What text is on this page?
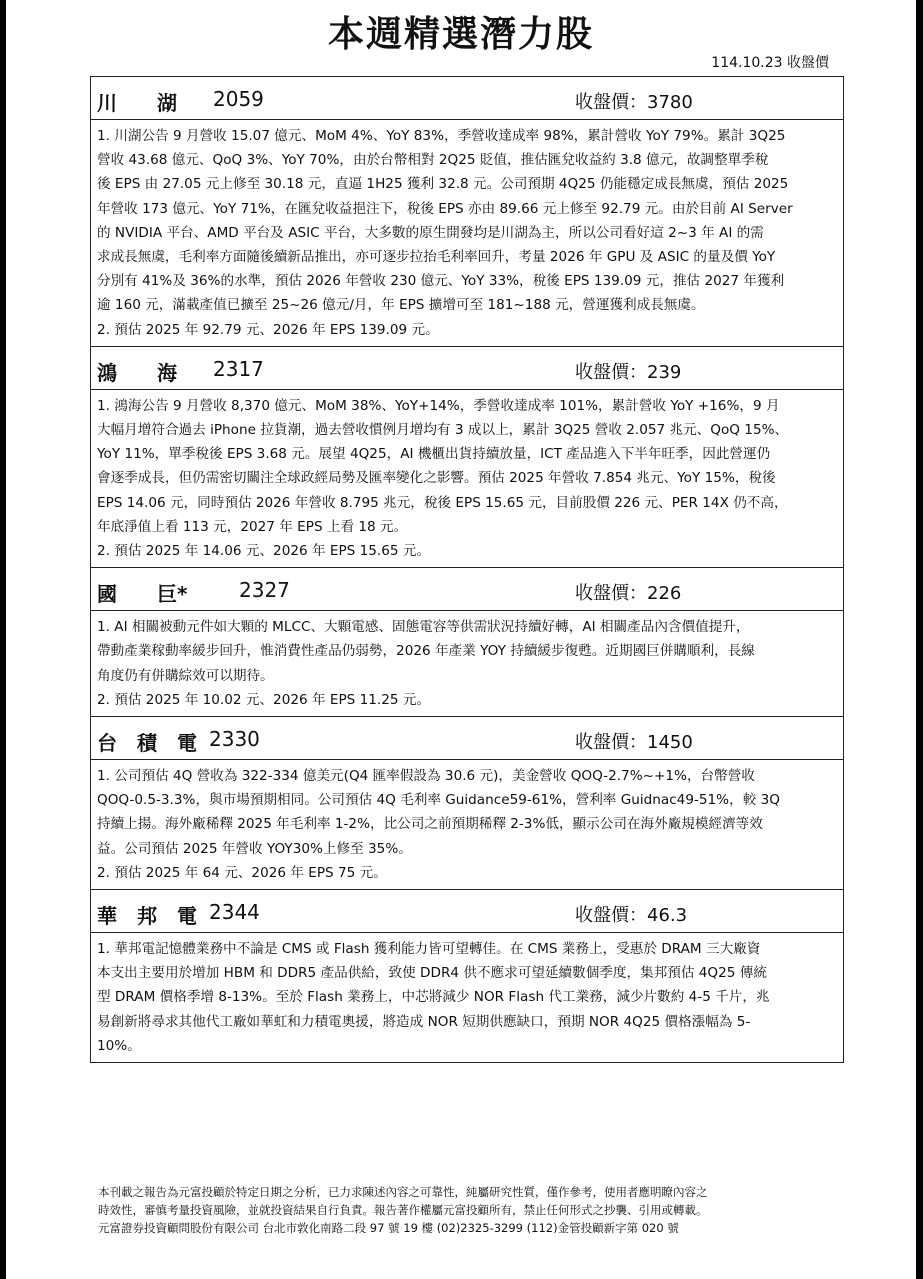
本週精選潛力股
114.10.23 收盤價
川　　湖 2059	收盤價：3780
1. 川湖公告 9 月營收 15.07 億元、MoM 4%、YoY 83%，季營收達成率 98%，累計營收 YoY 79%。累計 3Q25
營收 43.68 億元、QoQ 3%、YoY 70%，由於台幣相對 2Q25 貶值，推估匯兌收益約 3.8 億元，故調整單季稅
後 EPS 由 27.05 元上修至 30.18 元，直逼 1H25 獲利 32.8 元。公司預期 4Q25 仍能穩定成長無虞，預估 2025
年營收 173 億元、YoY 71%，在匯兌收益挹注下，稅後 EPS 亦由 89.66 元上修至 92.79 元。由於目前 AI Server
的 NVIDIA 平台、AMD 平台及 ASIC 平台，大多數的原生開發均是川湖為主，所以公司看好這 2~3 年 AI 的需
求成長無虞，毛利率方面隨後續新品推出，亦可逐步拉抬毛利率回升，考量 2026 年 GPU 及 ASIC 的量及價 YoY
分別有 41%及 36%的水準，預估 2026 年營收 230 億元、YoY 33%，稅後 EPS 139.09 元，推估 2027 年獲利
逾 160 元，滿載產值已擴至 25~26 億元/月，年 EPS 擴增可至 181~188 元，營運獲利成長無虞。
2. 預估 2025 年 92.79 元、2026 年 EPS 139.09 元。
鴻　　海 2317	收盤價：239
1. 鴻海公告 9 月營收 8,370 億元、MoM 38%、YoY+14%，季營收達成率 101%，累計營收 YoY +16%，9 月
大幅月增符合過去 iPhone 拉貨潮，過去營收慣例月增均有 3 成以上，累計 3Q25 營收 2.057 兆元、QoQ 15%、
YoY 11%，單季稅後 EPS 3.68 元。展望 4Q25，AI 機櫃出貨持續放量，ICT 產品進入下半年旺季，因此營運仍
會逐季成長，但仍需密切關注全球政經局勢及匯率變化之影響。預估 2025 年營收 7.854 兆元、YoY 15%，稅後
EPS 14.06 元，同時預估 2026 年營收 8.795 兆元，稅後 EPS 15.65 元，目前股價 226 元、PER 14X 仍不高，
年底淨值上看 113 元，2027 年 EPS 上看 18 元。
2. 預估 2025 年 14.06 元、2026 年 EPS 15.65 元。
國　　巨*	2327	收盤價：226
1. AI 相關被動元件如大顆的 MLCC、大顆電感、固態電容等供需狀況持續好轉，AI 相關產品內含價值提升，
帶動產業稼動率緩步回升，惟消費性產品仍弱勢，2026 年產業 YOY 持續緩步復甦。近期國巨併購順利，長線
角度仍有併購綜效可以期待。
2. 預估 2025 年 10.02 元、2026 年 EPS 11.25 元。
台　積　電 2330	收盤價：1450
1. 公司預估 4Q 營收為 322-334 億美元(Q4 匯率假設為 30.6 元)，美金營收 QOQ-2.7%~+1%，台幣營收
QOQ-0.5-3.3%，與市場預期相同。公司預估 4Q 毛利率 Guidance59-61%，營利率 Guidnac49-51%，較 3Q
持續上揚。海外廠稀釋 2025 年毛利率 1-2%，比公司之前預期稀釋 2-3%低，顯示公司在海外廠規模經濟等效
益。公司預估 2025 年營收 YOY30%上修至 35%。
2. 預估 2025 年 64 元、2026 年 EPS 75 元。
華　邦　電 2344	收盤價：46.3
1. 華邦電記憶體業務中不論是 CMS 或 Flash 獲利能力皆可望轉佳。在 CMS 業務上，受惠於 DRAM 三大廠資
本支出主要用於增加 HBM 和 DDR5 產品供給，致使 DDR4 供不應求可望延續數個季度，集邦預估 4Q25 傳統
型 DRAM 價格季增 8-13%。至於 Flash 業務上，中芯將減少 NOR Flash 代工業務，減少片數約 4-5 千片，兆
易創新將尋求其他代工廠如華虹和力積電奧援，將造成 NOR 短期供應缺口，預期 NOR 4Q25 價格漲幅為 5-
10%。
本刊載之報告為元富投顧於特定日期之分析，已力求陳述內容之可靠性，純屬研究性質，僅作參考，使用者應明瞭內容之
時效性，審慎考量投資風險，並就投資結果自行負責。報告著作權屬元富投顧所有，禁止任何形式之抄襲、引用或轉載。
元富證券投資顧問股份有限公司 台北市敦化南路二段 97 號 19 樓 (02)2325-3299 (112)金管投顧新字第 020 號
